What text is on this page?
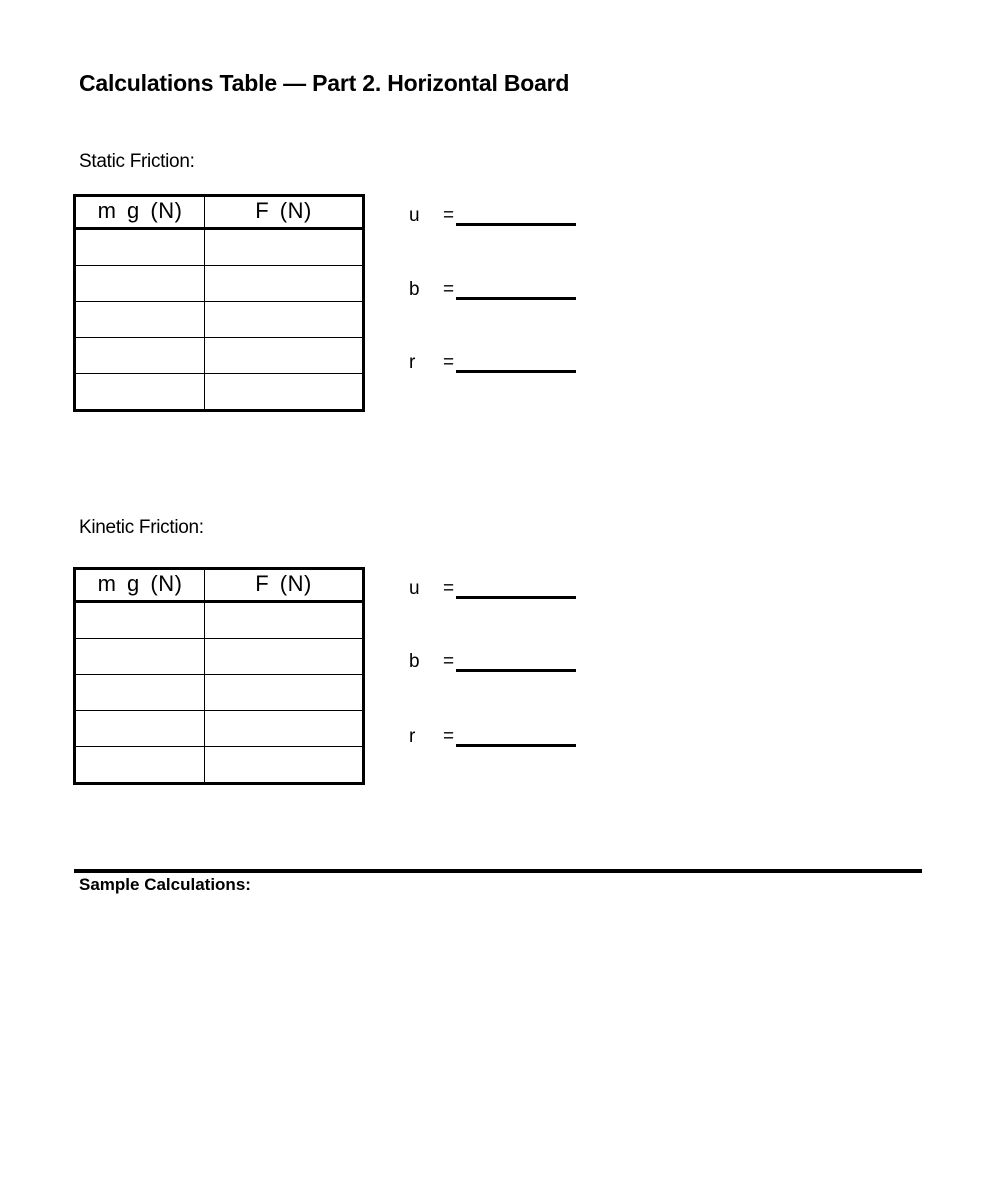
Calculations Table — Part 2. Horizontal Board
Static Friction:
m g (N)	F (N)

		u =
b =
r =
Kinetic Friction:
m g (N)	F (N)

		u =
b =
r =
Sample Calculations:
